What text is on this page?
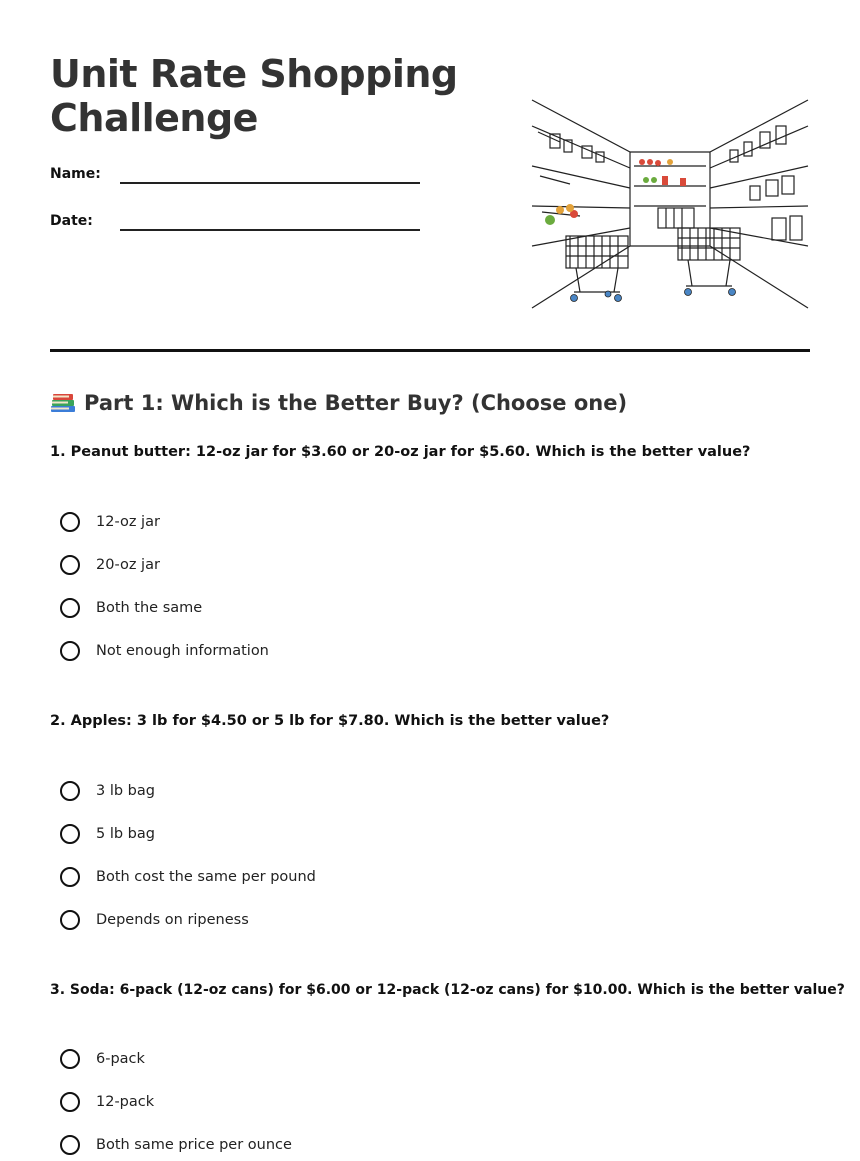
Unit Rate Shopping
Challenge
Name:
Date:
Part 1: Which is the Better Buy? (Choose one)

1. Peanut butter: 12-oz jar for $3.60 or 20-oz jar for $5.60. Which is the better value?

12-oz jar
20-oz jar
Both the same
Not enough information

2. Apples: 3 lb for $4.50 or 5 lb for $7.80. Which is the better value?

3 lb bag
5 lb bag
Both cost the same per pound
Depends on ripeness

3. Soda: 6-pack (12-oz cans) for $6.00 or 12-pack (12-oz cans) for $10.00. Which is the better value?

6-pack
12-pack
Both same price per ounce
